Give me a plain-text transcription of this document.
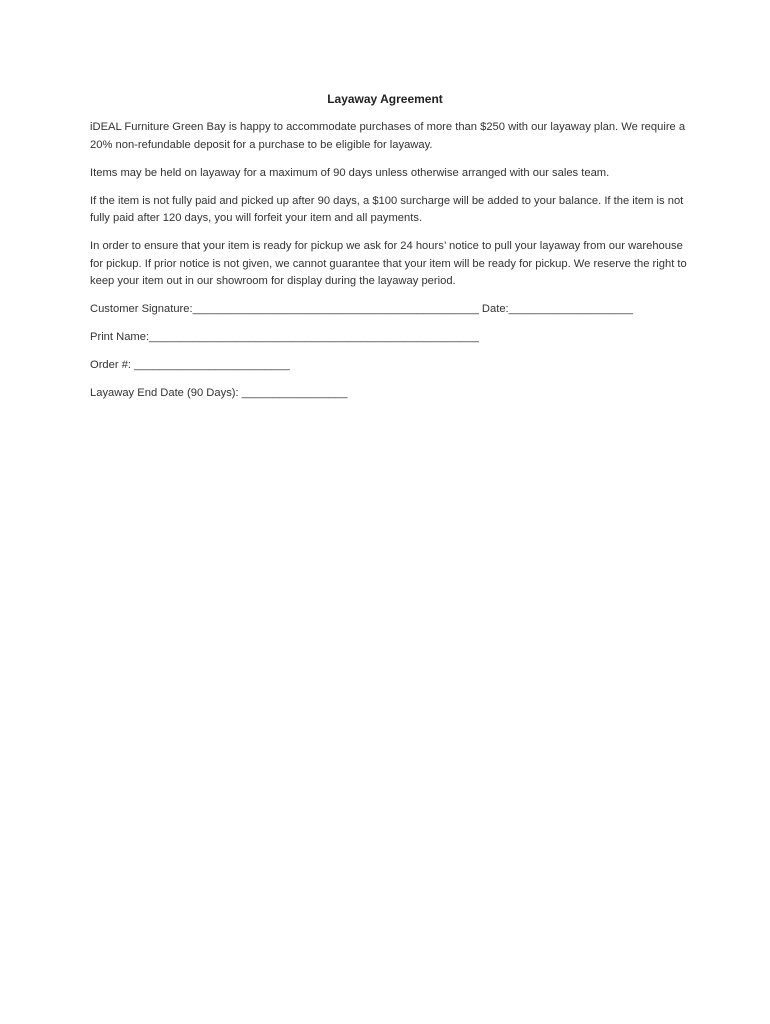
Layaway Agreement

iDEAL Furniture Green Bay is happy to accommodate purchases of more than $250 with our layaway plan. We require a 20% non-refundable deposit for a purchase to be eligible for layaway.

Items may be held on layaway for a maximum of 90 days unless otherwise arranged with our sales team.

If the item is not fully paid and picked up after 90 days, a $100 surcharge will be added to your balance. If the item is not fully paid after 120 days, you will forfeit your item and all payments.

In order to ensure that your item is ready for pickup we ask for 24 hours’ notice to pull your layaway from our warehouse for pickup. If prior notice is not given, we cannot guarantee that your item will be ready for pickup. We reserve the right to keep your item out in our showroom for display during the layaway period.

Customer Signature:______________________________________________ Date:____________________
Print Name:_____________________________________________________
Order #: _________________________
Layaway End Date (90 Days): _________________
